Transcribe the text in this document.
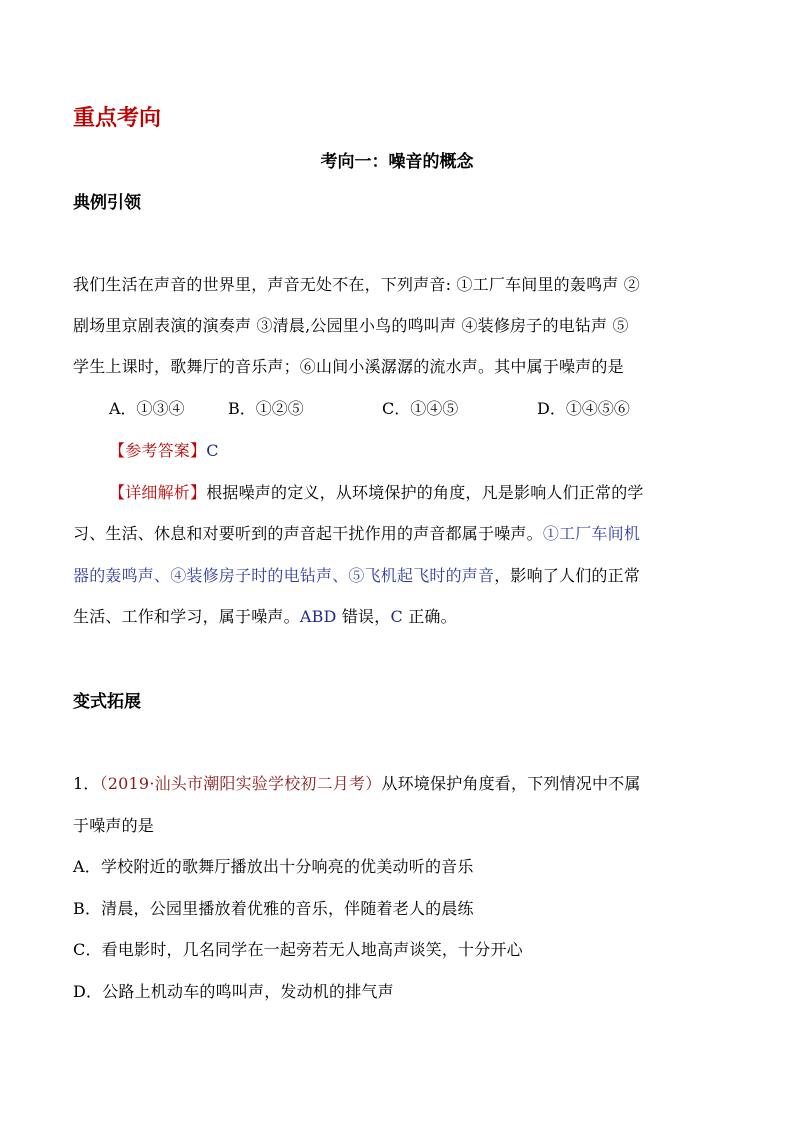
重点考向
考向一：噪音的概念
典例引领
我们生活在声音的世界里，声音无处不在，下列声音: ①工厂车间里的轰鸣声 ②
剧场里京剧表演的演奏声 ③清晨,公园里小鸟的鸣叫声 ④装修房子的电钻声 ⑤
学生上课时，歌舞厅的音乐声；⑥山间小溪潺潺的流水声。其中属于噪声的是
A．①③④	B．①②⑤	C．①④⑤	D．①④⑤⑥
【参考答案】C
【详细解析】根据噪声的定义，从环境保护的角度，凡是影响人们正常的学
习、生活、休息和对要听到的声音起干扰作用的声音都属于噪声。①工厂车间机
器的轰鸣声、④装修房子时的电钻声、⑤飞机起飞时的声音，影响了人们的正常
生活、工作和学习，属于噪声。ABD 错误，C 正确。
变式拓展
1．（2019·汕头市潮阳实验学校初二月考）从环境保护角度看，下列情况中不属
于噪声的是
A．学校附近的歌舞厅播放出十分响亮的优美动听的音乐
B．清晨，公园里播放着优雅的音乐，伴随着老人的晨练
C．看电影时，几名同学在一起旁若无人地高声谈笑，十分开心
D．公路上机动车的鸣叫声，发动机的排气声
